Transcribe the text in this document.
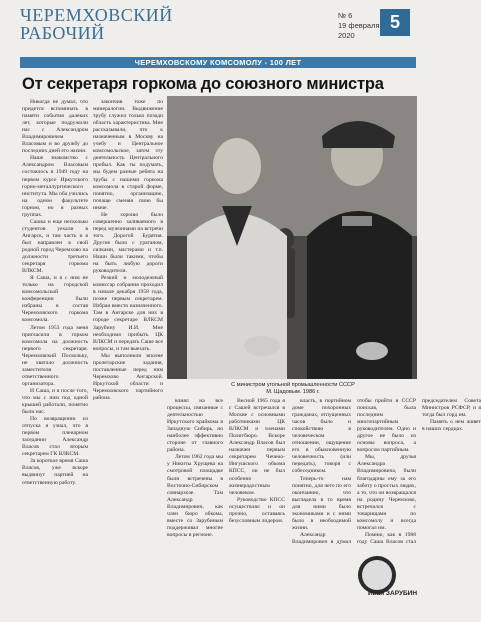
ЧЕРЕМХОВСКИЙ
РАБОЧИЙ
№ 6
19 февраля
2020
5
ЧЕРЕМХОВСКОМУ КОМСОМОЛУ - 100 ЛЕТ
От секретаря горкома до союзного министра

Никогда не думал, что придется вспоминать в памяти события далеких лет, которые подружили нас с Александром Владимировичем Власовым и во дружбу до последних дней его жизни.

Наше знакомство с Александром Власовым состоялось в 1949 году на первом курсе Иркутского горно-металлургического института. Мы оба учились на одном факультете горном, но в разных группах.

Сашка и еще несколько студентов уехали в Ангарск, и там часть и я был направлен в свой родной город Черемхово на должности третьего секретаря горкома ВЛКСМ.

Я Саша, и я с ним не только на городской комсомольской конференции были избраны в состав Черемховского горкома комсомола.

Летом 1953 года меня пригласили в горком комсомола на должность первого секретаря. Черемховский Поскольку, не хватало должность заместителя ответственного организатора.

И Саша, и я после того, что мы с ним под одной крышей работали, понятно были нас.

По возвращении из отпуска я узнал, что я первом пленарном заседании Александр Власов стал вторым секретарем ГК ВЛКСМ.

За короткое время Саша Власов, уже вскоре выдвинут партией на ответственную работу.

закончив тоже по минералогии. Выдвижение трубу служил только позади область характеристика. Мне рассказывали, что к назначенным в Москву на учебу и Центральное комсомольское, затем эту деятельность Центрального пробыл. Как ты подумать, мы будем разные ребята на трубы с нашими горкома комсомола в старой форме, понятно, организацию, почаще сменяя свою бы иначе.

Не хорошо было совершенно заливаемого в перед мужчинами на встречи того. Дорогой Бурятия. Другие было с ураганом, силками, мастерами и т.п. Наши были такими, чтобы на быть любую дороги руководители.

Резкий и молодежный комиссар собрания проходил в начале декабря 1958 года, позже первым секретарем. Избран вместо назначенного. Там в Ангарске для них в городе секретаре ВЛКСМ Зарубину И.И. Мне необходимо прибыть ЦК ВЛКСМ и передать Саше все вопросы, и там выехать.

Мы выполнили вполне пролетарские задания, поставленные перед ним Черемхово Ангарской. Иркутской области и Черемховского партийного района.

С министром угольной промышленности СССР
М. Щадовым. 1986 г.

влиял на все процессы, связанные с деятельностью Иркутского крайкома в Западную Сибирь, но наиболее эффективно стороне от главного района.

Летом 1962 года мы у Никиты Хрущева на смотровой площадке были встречены в Восточно-Сибирском совнархозе. Там Александр Владимирович, как член бюро обкома, вместе со Зарубиным поддерживал многие вопросы в регионе.

Весной 1965 года я с Сашей встречался в Москве с основными работниками ЦК ВЛКСМ и членами Политбюро. Вскоре Александр Власов был назначен первым секретарем Чечено-Ингушского обкома КПСС, он не был особенно жизнерадостным человеком.

Руководство КПСС осуществлял и он прочно, оставаясь безусловным лидером.

власть, в портийном доме похоронных гражданах, отпущенных часов было и спокойствию в человеческом отношении, ощущение его в обыкновенную человечность (или передать), говоря с собеседником.

Теперь-то нам понятно, для чего по его окончанию, что выглядела в то время для ними было экономиками и с ними было в необходимой жизни.

Александр Владимирович в думал чтобы прийти в СССР поискав, была последним многопартийным руководителем. Одно и другое не было из основы вопроса, а вопросом партийным.

Мы, друзья Александра Владимировича, были благодарны ему за его заботу о простых людях, а то, что он возвращался на родину Черемхово, встречался с товарищами по комсомолу и всегда помогал им.

Помню, как в 1988 году Саша Власов стал председателем Совета Министров РСФСР, и я тогда был горд им.

Память о нем живет в наших сердцах.

Иван ЗАРУБИН
